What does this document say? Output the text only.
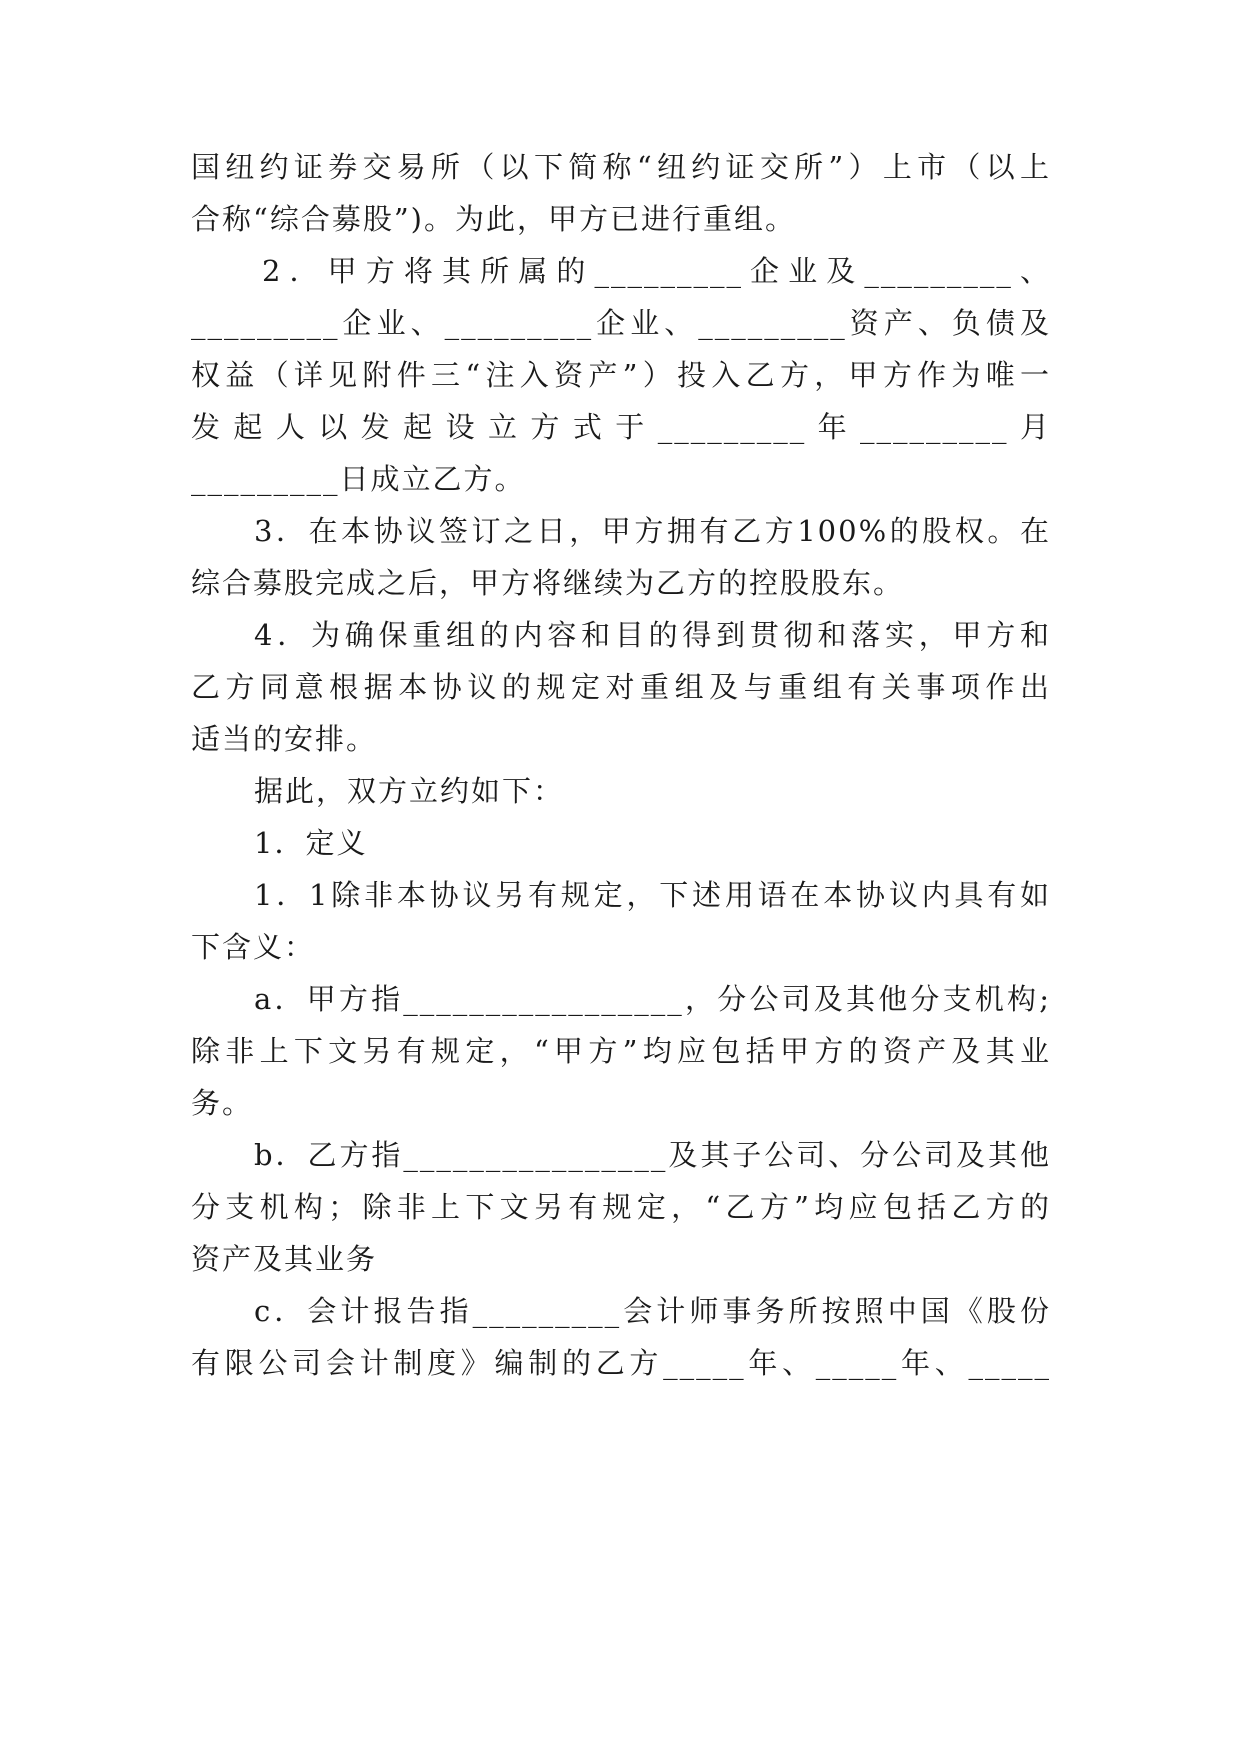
国纽约证券交易所（以下简称“纽约证交所”）上市（以上
合称“综合募股”)。为此，甲方已进行重组。
2．甲方将其所属的_________企业及_________、
_________企业、_________企业、_________资产、负债及
权益（详见附件三“注入资产”）投入乙方，甲方作为唯一
发起人以发起设立方式于_________年_________月
_________日成立乙方。
3．在本协议签订之日，甲方拥有乙方100%的股权。在
综合募股完成之后，甲方将继续为乙方的控股股东。
4．为确保重组的内容和目的得到贯彻和落实，甲方和
乙方同意根据本协议的规定对重组及与重组有关事项作出
适当的安排。
据此，双方立约如下：
1．定义
1．1除非本协议另有规定，下述用语在本协议内具有如
下含义：
a．甲方指_________________，分公司及其他分支机构;
除非上下文另有规定，“甲方”均应包括甲方的资产及其业
务。
b．乙方指________________及其子公司、分公司及其他
分支机构；除非上下文另有规定，“乙方”均应包括乙方的
资产及其业务
c．会计报告指_________会计师事务所按照中国《股份
有限公司会计制度》编制的乙方_____年、_____年、_____
